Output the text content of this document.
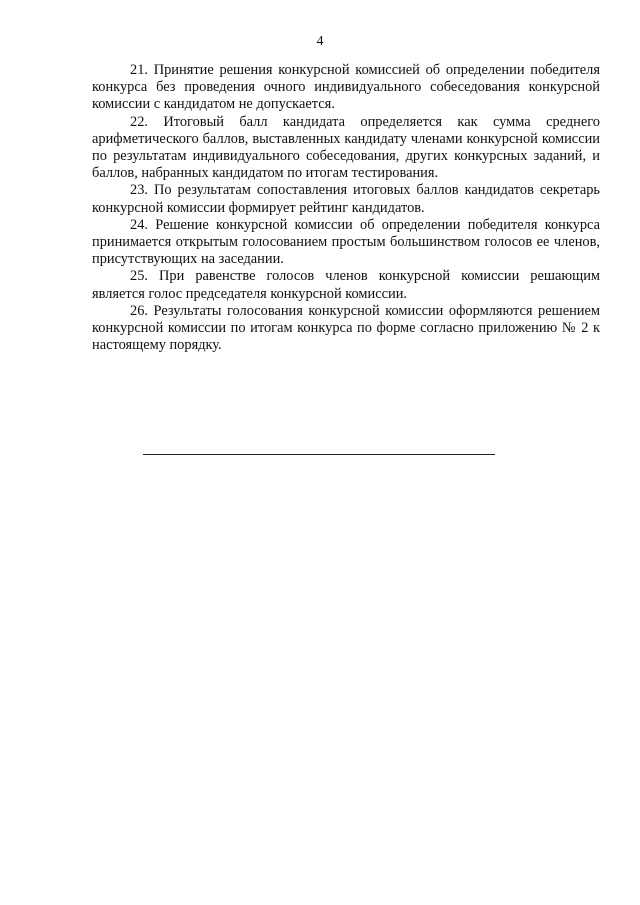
4

21. Принятие решения конкурсной комиссией об определении победителя конкурса без проведения очного индивидуального собеседования конкурсной комиссии с кандидатом не допускается.

22. Итоговый балл кандидата определяется как сумма среднего арифметического баллов, выставленных кандидату членами конкурсной комиссии по результатам индивидуального собеседования, других конкурсных заданий, и баллов, набранных кандидатом по итогам тестирования.

23. По результатам сопоставления итоговых баллов кандидатов секретарь конкурсной комиссии формирует рейтинг кандидатов.

24. Решение конкурсной комиссии об определении победителя конкурса принимается открытым голосованием простым большинством голосов ее членов, присутствующих на заседании.

25. При равенстве голосов членов конкурсной комиссии решающим является голос председателя конкурсной комиссии.

26. Результаты голосования конкурсной комиссии оформляются решением конкурсной комиссии по итогам конкурса по форме согласно приложению № 2 к настоящему порядку.
